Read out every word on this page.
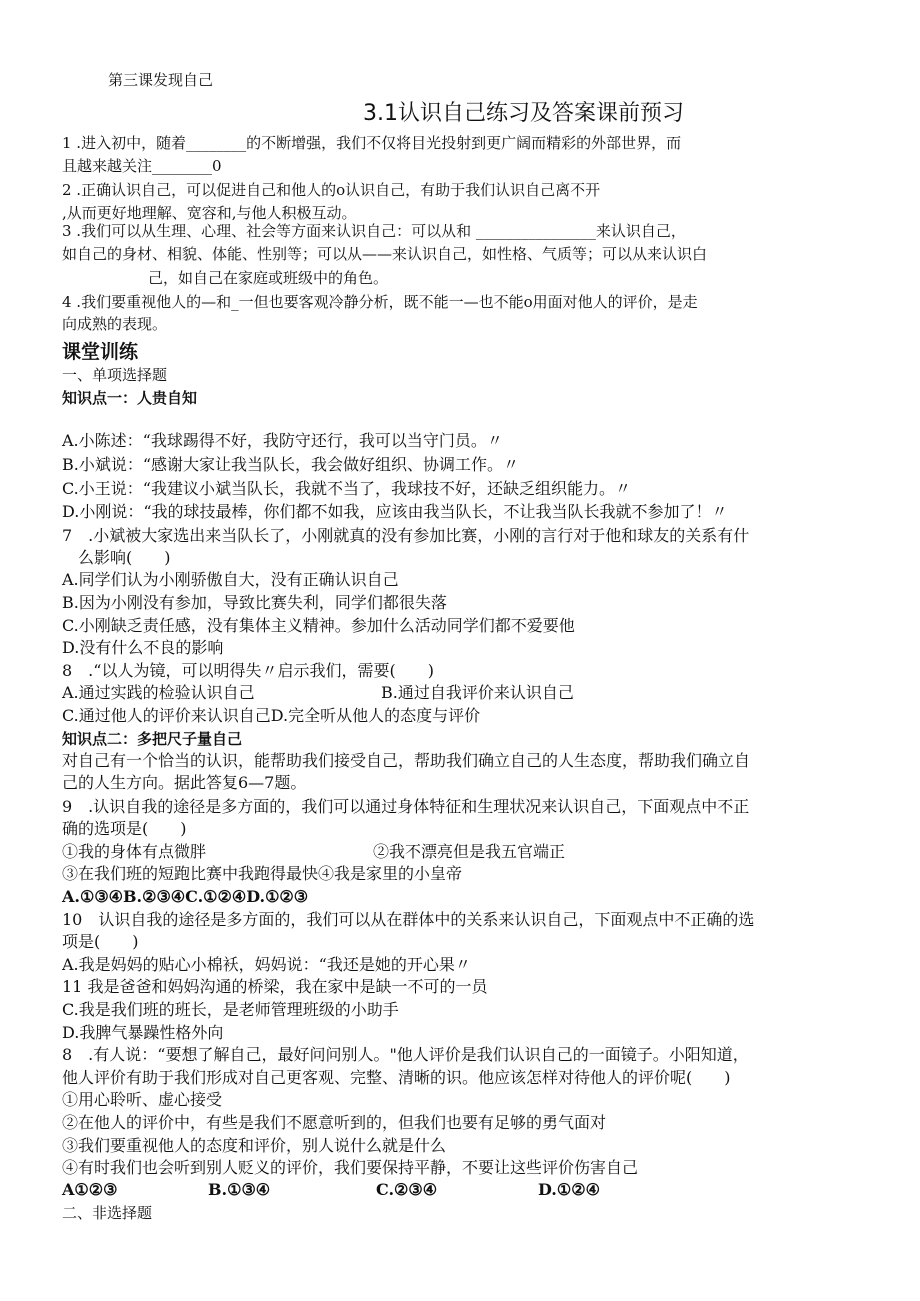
第三课发现自己
3.1认识自己练习及答案课前预习
1 .进入初中，随着________的不断增强，我们不仅将目光投射到更广阔而精彩的外部世界，而
且越来越关注________0
2 .正确认识自己，可以促进自己和他人的o认识自己，有助于我们认识自己离不开
,从而更好地理解、宽容和,与他人积极互动。
3 .我们可以从生理、心理、社会等方面来认识自己：可以从和 ________________来认识自己，
如自己的身材、相貌、体能、性别等；可以从——来认识自己，如性格、气质等；可以从来认识白
己，如自己在家庭或班级中的角色。
4 .我们要重视他人的—和_一但也要客观冷静分析，既不能一—也不能o用面对他人的评价，是走
向成熟的表现。
课堂训练
一、单项选择题
知识点一：人贵自知
A.小陈述：“我球踢得不好，我防守还行，我可以当守门员。〃
B.小斌说：“感谢大家让我当队长，我会做好组织、协调工作。〃
C.小王说：“我建议小斌当队长，我就不当了，我球技不好，还缺乏组织能力。〃
D.小刚说：“我的球技最棒，你们都不如我，应该由我当队长，不让我当队长我就不参加了！〃
7　.小斌被大家选出来当队长了，小刚就真的没有参加比赛，小刚的言行对于他和球友的关系有什
么影响(　　)
A.同学们认为小刚骄傲自大，没有正确认识自己
B.因为小刚没有参加，导致比赛失利，同学们都很失落
C.小刚缺乏责任感，没有集体主义精神。参加什么活动同学们都不爱要他
D.没有什么不良的影响
8　.“以人为镜，可以明得失〃启示我们，需要(　　)
A.通过实践的检验认识自己	B.通过自我评价来认识自己
C.通过他人的评价来认识自己D.完全听从他人的态度与评价
知识点二：多把尺子量自己
对自己有一个恰当的认识，能帮助我们接受自己，帮助我们确立自己的人生态度，帮助我们确立自
己的人生方向。据此答复6—7题。
9　.认识自我的途径是多方面的，我们可以通过身体特征和生理状况来认识自己，下面观点中不正
确的选项是(　　)
①我的身体有点微胖	②我不漂亮但是我五官端正
③在我们班的短跑比赛中我跑得最快④我是家里的小皇帝
A.①③④B.②③④C.①②④D.①②③
10　认识自我的途径是多方面的，我们可以从在群体中的关系来认识自己，下面观点中不正确的选
项是(　　)
A.我是妈妈的贴心小棉袄，妈妈说：“我还是她的开心果〃
11 我是爸爸和妈妈沟通的桥梁，我在家中是缺一不可的一员
C.我是我们班的班长，是老师管理班级的小助手
D.我脾气暴躁性格外向
8　.有人说：“要想了解自己，最好问问别人。"他人评价是我们认识自己的一面镜子。小阳知道，
他人评价有助于我们形成对自己更客观、完整、清晰的识。他应该怎样对待他人的评价呢(　　)
①用心聆听、虚心接受
②在他人的评价中，有些是我们不愿意听到的，但我们也要有足够的勇气面对
③我们要重视他人的态度和评价，别人说什么就是什么
④有时我们也会听到别人贬义的评价，我们要保持平静，不要让这些评价伤害自己
A①②③	B.①③④	C.②③④	D.①②④
二、非选择题
